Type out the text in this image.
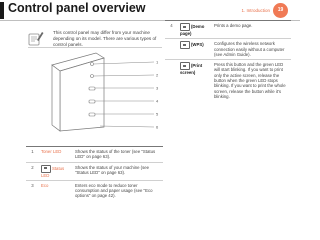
Control panel overview	1. Introduction	19
This control panel may differ from your machine depending on its model. There are various types of control panels.
1
2
3
4
5
6
1	Toner LED	Shows the status of the toner (see "Status LED" on page 63).
2	Status LED	Shows the status of your machine (see "Status LED" on page 63).
3	Eco	Enters eco mode to reduce toner consumption and paper usage (see "Eco options" on page 42).
4	(Demo page)	Prints a demo page.
	(WPS)	Configures the wireless network connection easily without a computer (see Admin Guide).
	(Print screen)	Press this button and the green LED will start blinking. If you want to print only the active screen, release the button when the green LED stops blinking. If you want to print the whole screen, release the button while it's blinking.
